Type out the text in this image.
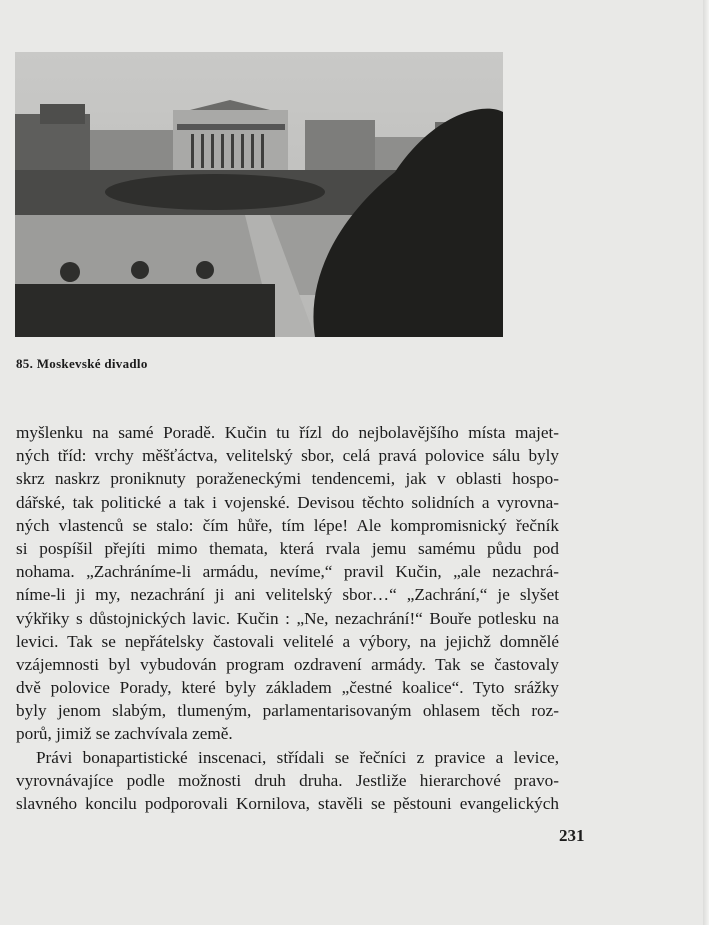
85. Moskevské divadlo
myšlenku na samé Poradě. Kučin tu řízl do nejbolavějšího místa majet-
ných tříd: vrchy měšťáctva, velitelský sbor, celá pravá polovice sálu byly
skrz naskrz proniknuty poraženeckými tendencemi, jak v oblasti hospo-
dářské, tak politické a tak i vojenské. Devisou těchto solidních a vyrovna-
ných vlastenců se stalo: čím hůře, tím lépe! Ale kompromisnický řečník
si pospíšil přejíti mimo themata, která rvala jemu samému půdu pod
nohama. „Zachráníme-li armádu, nevíme,“ pravil Kučin, „ale nezachrá-
níme-li ji my, nezachrání ji ani velitelský sbor…“ „Zachrání,“ je slyšet
výkřiky s důstojnických lavic. Kučin : „Ne, nezachrání!“ Bouře potlesku na
levici. Tak se nepřátelsky častovali velitelé a výbory, na jejichž domnělé
vzájemnosti byl vybudován program ozdravení armády. Tak se častovaly
dvě polovice Porady, které byly základem „čestné koalice“. Tyto srážky
byly jenom slabým, tlumeným, parlamentarisovaným ohlasem těch roz-
porů, jimiž se zachvívala země.
Právi bonapartistické inscenaci, střídali se řečníci z pravice a levice,
vyrovnávajíce podle možnosti druh druha. Jestliže hierarchové pravo-
slavného koncilu podporovali Kornilova, stavěli se pěstouni evangelických
231
